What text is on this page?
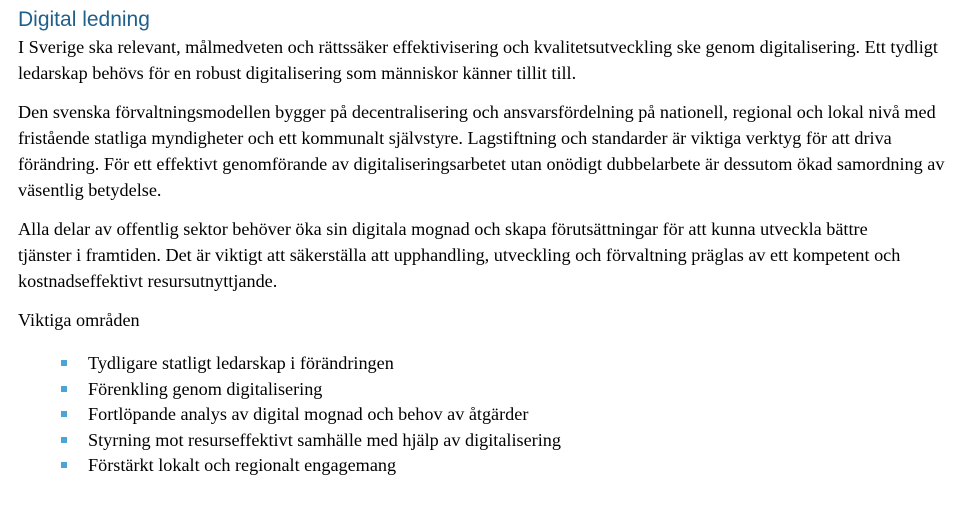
Digital ledning

I Sverige ska relevant, målmedveten och rättssäker effektivisering och kvalitetsutveckling ske genom digitalisering. Ett tydligt ledarskap behövs för en robust digitalisering som människor känner tillit till.

Den svenska förvaltningsmodellen bygger på decentralisering och ansvarsfördelning på nationell, regional och lokal nivå med fristående statliga myndigheter och ett kommunalt självstyre. Lagstiftning och standarder är viktiga verktyg för att driva förändring. För ett effektivt genomförande av digitaliseringsarbetet utan onödigt dubbelarbete är dessutom ökad samordning av väsentlig betydelse.

Alla delar av offentlig sektor behöver öka sin digitala mognad och skapa förutsättningar för att kunna utveckla bättre tjänster i framtiden. Det är viktigt att säkerställa att upphandling, utveckling och förvaltning präglas av ett kompetent och kostnadseffektivt resursutnyttjande.

Viktiga områden

Tydligare statligt ledarskap i förändringen
Förenkling genom digitalisering
Fortlöpande analys av digital mognad och behov av åtgärder
Styrning mot resurseffektivt samhälle med hjälp av digitalisering
Förstärkt lokalt och regionalt engagemang
